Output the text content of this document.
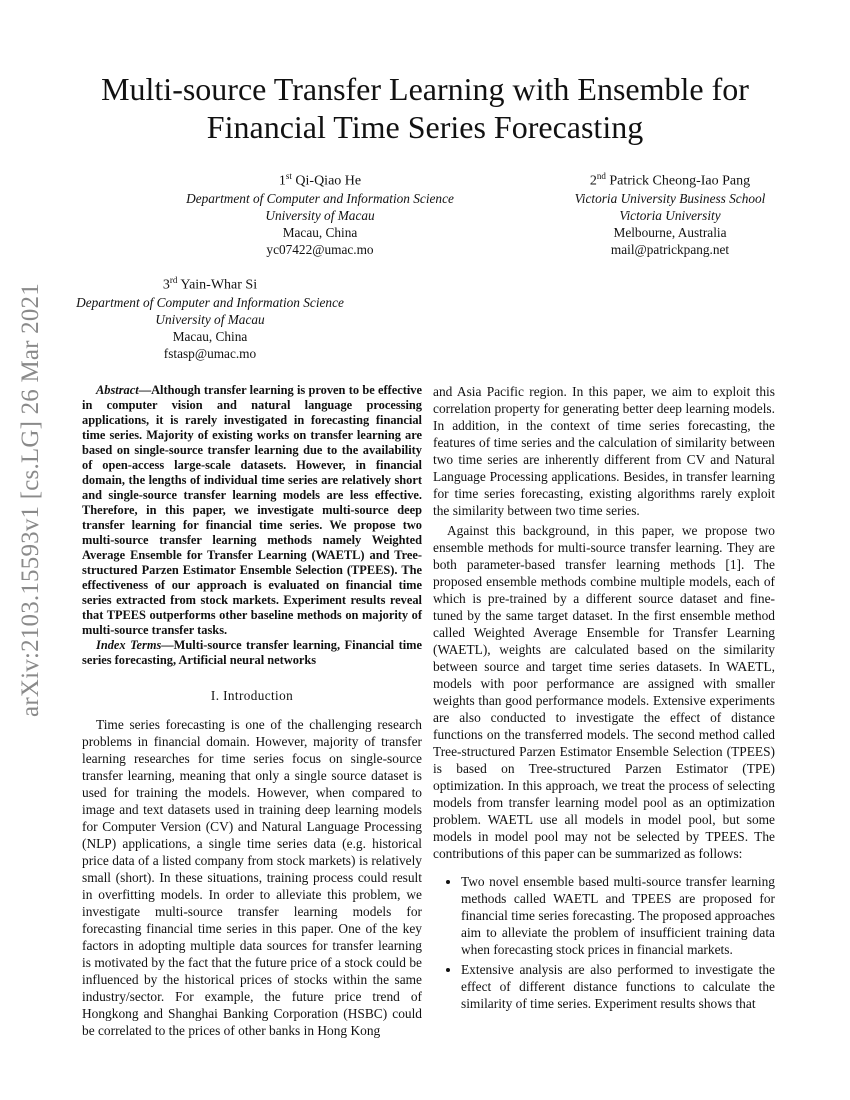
arXiv:2103.15593v1 [cs.LG] 26 Mar 2021
Multi-source Transfer Learning with Ensemble for
Financial Time Series Forecasting
1st Qi-Qiao He
Department of Computer and Information Science
University of Macau
Macau, China
yc07422@umac.mo
2nd Patrick Cheong-Iao Pang
Victoria University Business School
Victoria University
Melbourne, Australia
mail@patrickpang.net
3rd Yain-Whar Si
Department of Computer and Information Science
University of Macau
Macau, China
fstasp@umac.mo

Abstract—Although transfer learning is proven to be effective in computer vision and natural language processing applications, it is rarely investigated in forecasting financial time series. Majority of existing works on transfer learning are based on single-source transfer learning due to the availability of open-access large-scale datasets. However, in financial domain, the lengths of individual time series are relatively short and single-source transfer learning models are less effective. Therefore, in this paper, we investigate multi-source deep transfer learning for financial time series. We propose two multi-source transfer learning methods namely Weighted Average Ensemble for Transfer Learning (WAETL) and Tree-structured Parzen Estimator Ensemble Selection (TPEES). The effectiveness of our approach is evaluated on financial time series extracted from stock markets. Experiment results reveal that TPEES outperforms other baseline methods on majority of multi-source transfer tasks.

Index Terms—Multi-source transfer learning, Financial time series forecasting, Artificial neural networks

I. Introduction

Time series forecasting is one of the challenging research problems in financial domain. However, majority of transfer learning researches for time series focus on single-source transfer learning, meaning that only a single source dataset is used for training the models. However, when compared to image and text datasets used in training deep learning models for Computer Version (CV) and Natural Language Processing (NLP) applications, a single time series data (e.g. historical price data of a listed company from stock markets) is relatively small (short). In these situations, training process could result in overfitting models. In order to alleviate this problem, we investigate multi-source transfer learning models for forecasting financial time series in this paper. One of the key factors in adopting multiple data sources for transfer learning is motivated by the fact that the future price of a stock could be influenced by the historical prices of stocks within the same industry/sector. For example, the future price trend of Hongkong and Shanghai Banking Corporation (HSBC) could be correlated to the prices of other banks in Hong Kong

and Asia Pacific region. In this paper, we aim to exploit this correlation property for generating better deep learning models. In addition, in the context of time series forecasting, the features of time series and the calculation of similarity between two time series are inherently different from CV and Natural Language Processing applications. Besides, in transfer learning for time series forecasting, existing algorithms rarely exploit the similarity between two time series.

Against this background, in this paper, we propose two ensemble methods for multi-source transfer learning. They are both parameter-based transfer learning methods [1]. The proposed ensemble methods combine multiple models, each of which is pre-trained by a different source dataset and fine-tuned by the same target dataset. In the first ensemble method called Weighted Average Ensemble for Transfer Learning (WAETL), weights are calculated based on the similarity between source and target time series datasets. In WAETL, models with poor performance are assigned with smaller weights than good performance models. Extensive experiments are also conducted to investigate the effect of distance functions on the transferred models. The second method called Tree-structured Parzen Estimator Ensemble Selection (TPEES) is based on Tree-structured Parzen Estimator (TPE) optimization. In this approach, we treat the process of selecting models from transfer learning model pool as an optimization problem. WAETL use all models in model pool, but some models in model pool may not be selected by TPEES. The contributions of this paper can be summarized as follows:

• Two novel ensemble based multi-source transfer learning methods called WAETL and TPEES are proposed for financial time series forecasting. The proposed approaches aim to alleviate the problem of insufficient training data when forecasting stock prices in financial markets.
• Extensive analysis are also performed to investigate the effect of different distance functions to calculate the similarity of time series. Experiment results shows that
